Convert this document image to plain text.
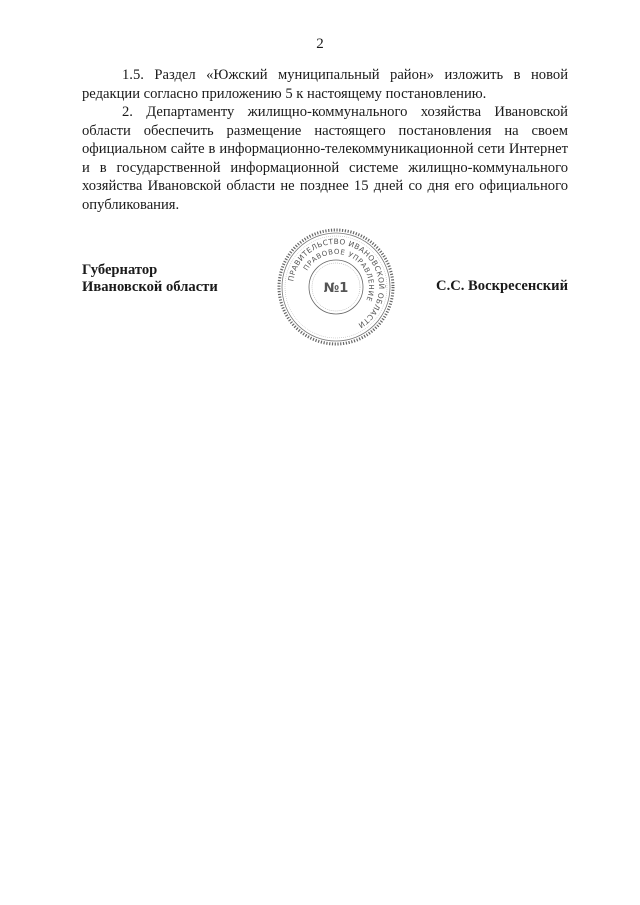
2

1.5. Раздел «Южский муниципальный район» изложить в новой редакции согласно приложению 5 к настоящему постановлению.

2. Департаменту жилищно-коммунального хозяйства Ивановской области обеспечить размещение настоящего постановления на своем официальном сайте в информационно-телекоммуникационной сети Интернет и в государственной информационной системе жилищно-коммунального хозяйства Ивановской области не позднее 15 дней со дня его официального опубликования.

Губернатор
Ивановской области
ПРАВИТЕЛЬСТВО ИВАНОВСКОЙ ОБЛАСТИ
ПРАВОВОЕ УПРАВЛЕНИЕ
№1	С.С. Воскресенский
